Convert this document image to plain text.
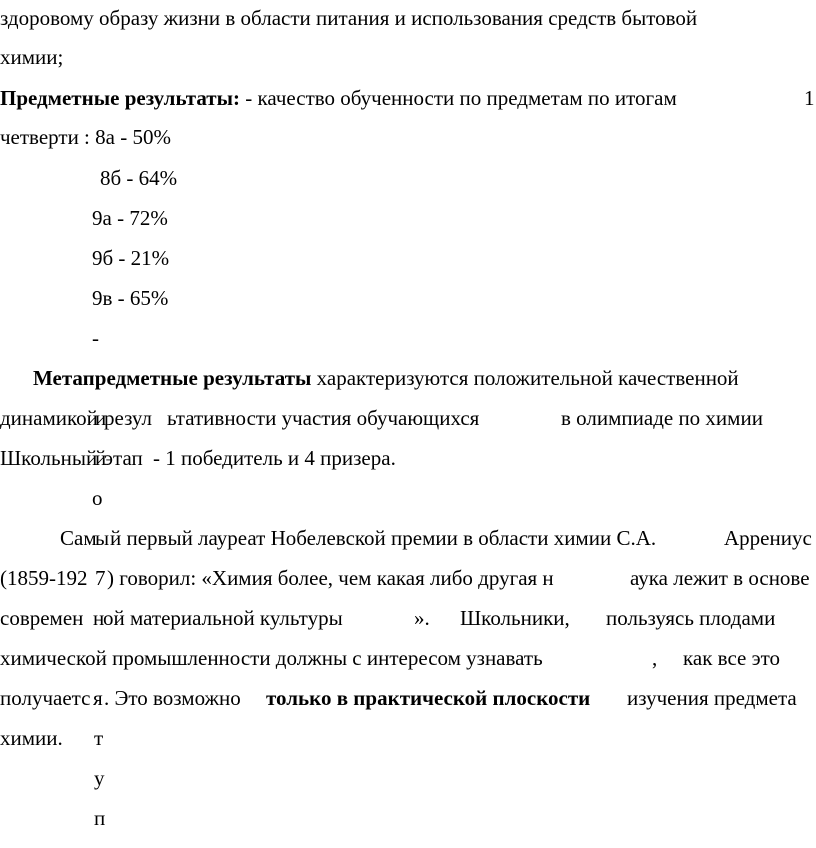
здоровому образу жизни в области питания и использования средств бытовой
химии;
Предметные результаты: - качество обученности по предметам по итогам	1
четверти : 8а - 50%
8б - 64%
9а - 72%
9б - 21%
9в - 65%
-
Метапредметные результаты характеризуются положительной качественной
динамикой
и
резул ьтативности участия обучающихся	в олимпиаде по химии
Школьный
й
этап - 1 победитель и 4 призера.
о
Сам
ы й первый лауреат Нобелевской премии в области химии С.А.	Аррениус
(1859-192 7 ) говорил: «Химия более, чем какая либо другая н	аука лежит в основе
современ н
ой материальной культуры	». Школьники, пользуясь плодами
химической промышленности должны с интересом узнавать	, как все это
получаетс я . Это возможно только в практической плоскости изучения предмета
химии. т
у
п
